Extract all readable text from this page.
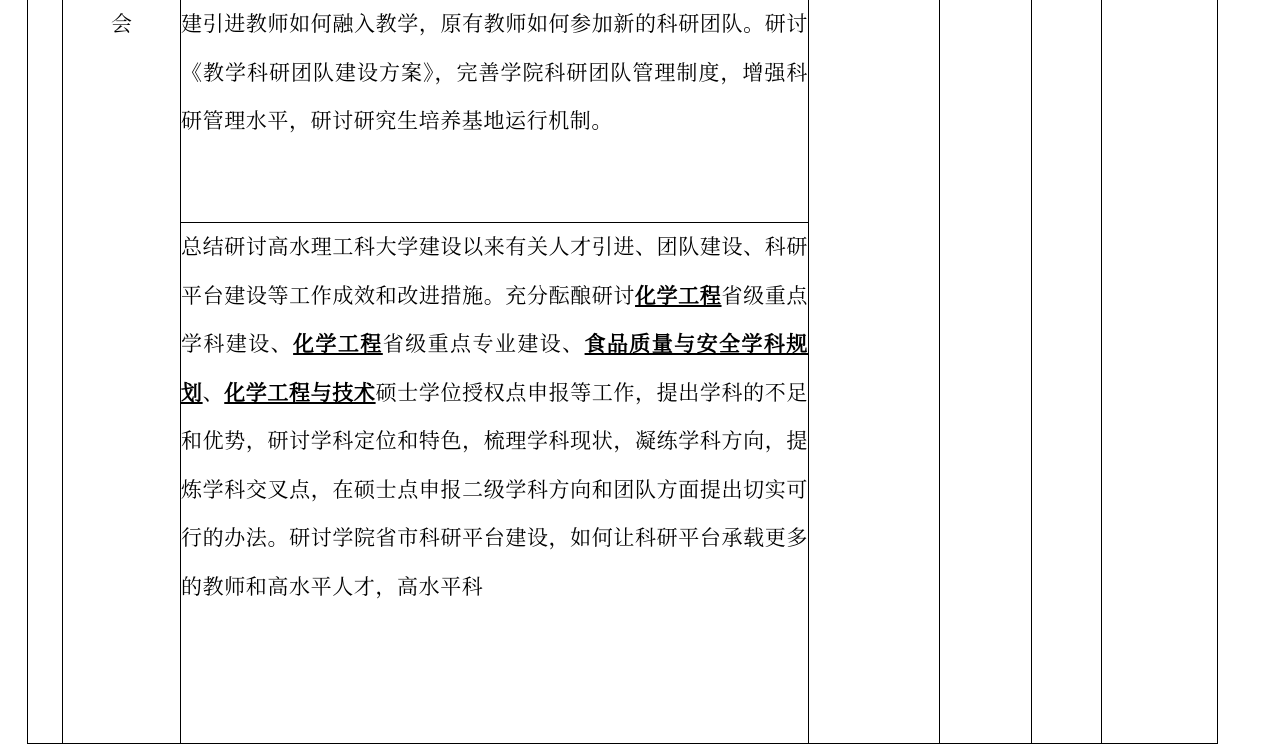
	会	建引进教师如何融入教学，原有教师如何参加新的科研团队。研讨《教学科研团队建设方案》，完善学院科研团队管理制度，增强科研管理水平，研讨研究生培养基地运行机制。

总结研讨高水理工科大学建设以来有关人才引进、团队建设、科研平台建设等工作成效和改进措施。充分酝酿研讨化学工程省级重点学科建设、化学工程省级重点专业建设、食品质量与安全学科规划、化学工程与技术硕士学位授权点申报等工作，提出学科的不足和优势，研讨学科定位和特色，梳理学科现状，凝练学科方向，提炼学科交叉点，在硕士点申报二级学科方向和团队方面提出切实可行的办法。研讨学院省市科研平台建设，如何让科研平台承载更多的教师和高水平人才，高水平科
